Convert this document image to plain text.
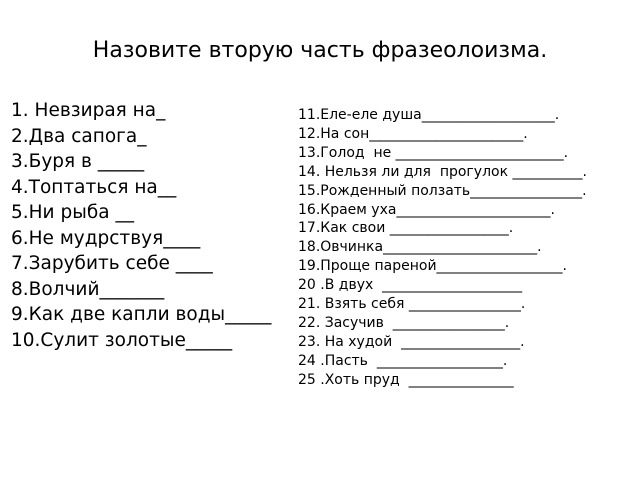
Назовите вторую часть фразеолоизма.
1. Невзирая на_
2.Два сапога_
3.Буря в _____
4.Топтаться на__
5.Ни рыба __
6.Не мудрствуя____
7.Зарубить себе ____
8.Волчий_______
9.Как две капли воды_____
10.Сулит золотые_____
11.Еле-еле душа___________________.
12.На сон______________________.
13.Голод  не ________________________.
14. Нельзя ли для  прогулок __________.
15.Рожденный ползать________________.
16.Краем уха______________________.
17.Как свои _________________.
18.Овчинка______________________.
19.Проще пареной__________________.
20 .В двух  ____________________
21. Взять себя ________________.
22. Засучив  ________________.
23. На худой  _________________.
24 .Пасть  __________________.
25 .Хоть пруд  _______________
